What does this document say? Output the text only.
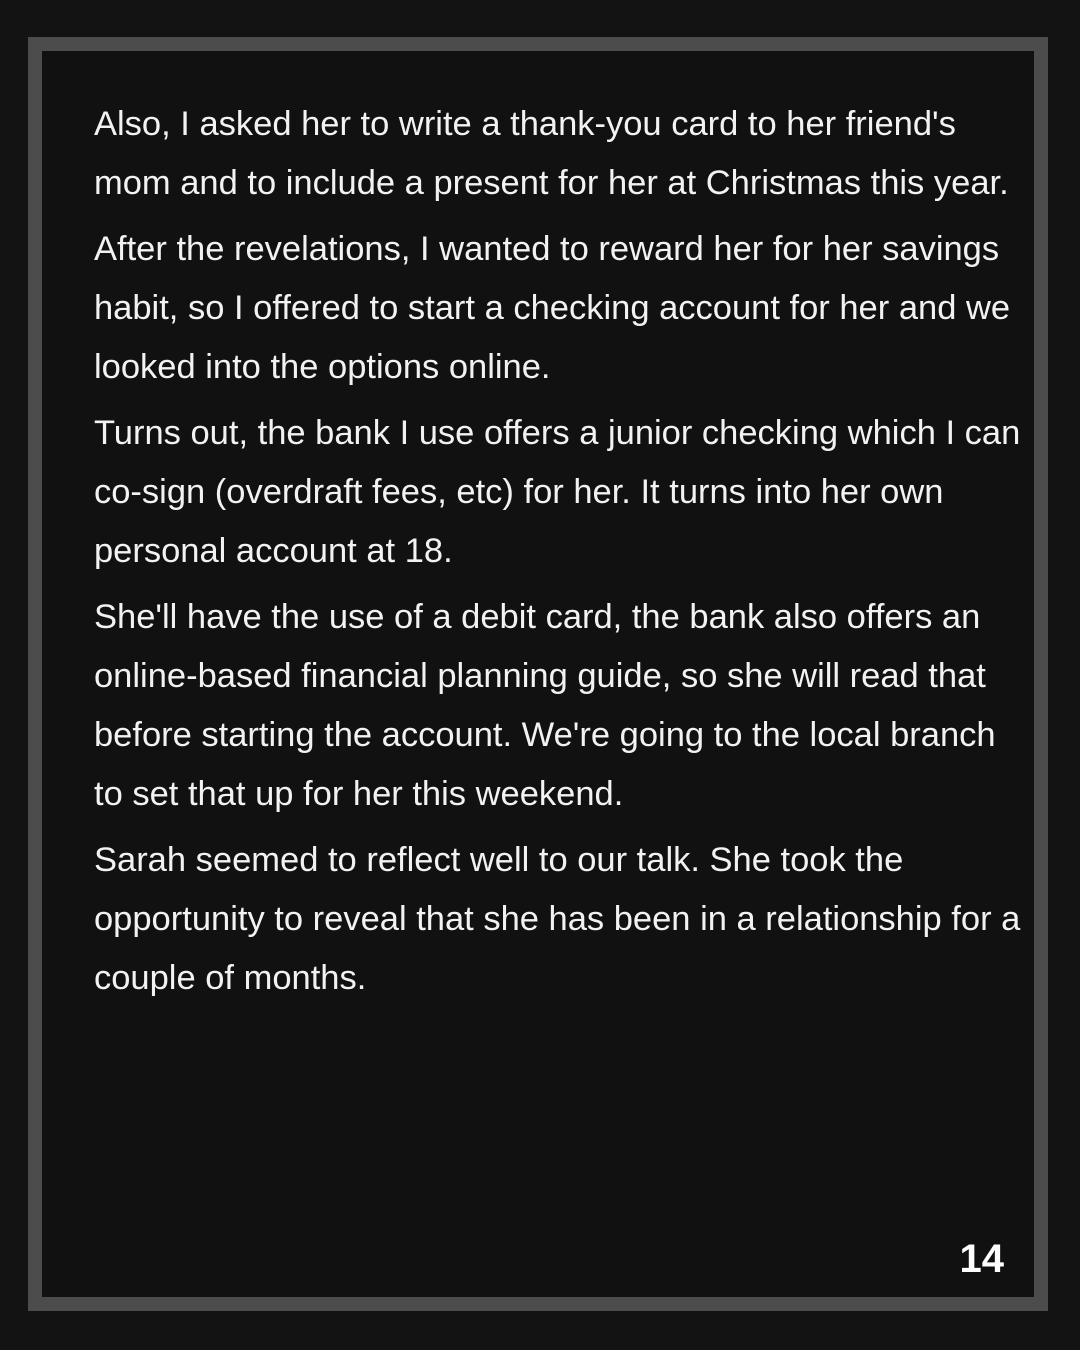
Also, I asked her to write a thank-you card to her friend's mom and to include a present for her at Christmas this year.

After the revelations, I wanted to reward her for her savings habit, so I offered to start a checking account for her and we looked into the options online.

Turns out, the bank I use offers a junior checking which I can co-sign (overdraft fees, etc) for her. It turns into her own personal account at 18.

She'll have the use of a debit card, the bank also offers an online-based financial planning guide, so she will read that before starting the account. We're going to the local branch to set that up for her this weekend.

Sarah seemed to reflect well to our talk. She took the opportunity to reveal that she has been in a relationship for a couple of months.

14
